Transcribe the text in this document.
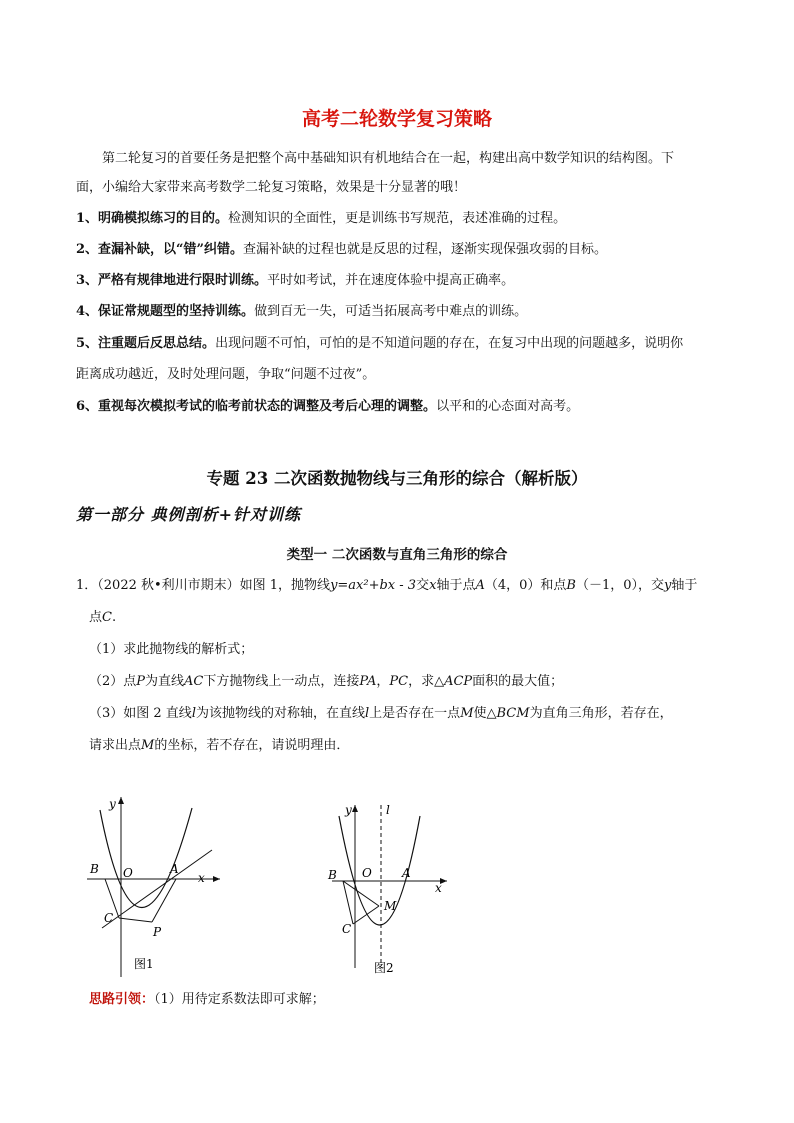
高考二轮数学复习策略
第二轮复习的首要任务是把整个高中基础知识有机地结合在一起，构建出高中数学知识的结构图。下
面，小编给大家带来高考数学二轮复习策略，效果是十分显著的哦！
1、明确模拟练习的目的。检测知识的全面性，更是训练书写规范，表述准确的过程。
2、查漏补缺，以“错”纠错。查漏补缺的过程也就是反思的过程，逐渐实现保强攻弱的目标。
3、严格有规律地进行限时训练。平时如考试，并在速度体验中提高正确率。
4、保证常规题型的坚持训练。做到百无一失，可适当拓展高考中难点的训练。
5、注重题后反思总结。出现问题不可怕，可怕的是不知道问题的存在，在复习中出现的问题越多，说明你
距离成功越近，及时处理问题，争取“问题不过夜”。
6、重视每次模拟考试的临考前状态的调整及考后心理的调整。以平和的心态面对高考。
专题 23 二次函数抛物线与三角形的综合（解析版）
第一部分 典例剖析+针对训练
类型一 二次函数与直角三角形的综合
1．（2022 秋•利川市期末）如图 1，抛物线y=ax²+bx - 3交x轴于点A（4，0）和点B（－1，0），交y轴于
点C.
（1）求此抛物线的解析式；
（2）点P为直线AC下方抛物线上一动点，连接PA，PC，求△ACP面积的最大值；
（3）如图 2 直线l为该抛物线的对称轴，在直线l上是否存在一点M使△BCM为直角三角形，若存在，
请求出点M的坐标，若不存在，请说明理由．
y
x
O	A
B
C
P
图1
y	l
x
O	A
B
C
M
图2
思路引领：（1）用待定系数法即可求解；
